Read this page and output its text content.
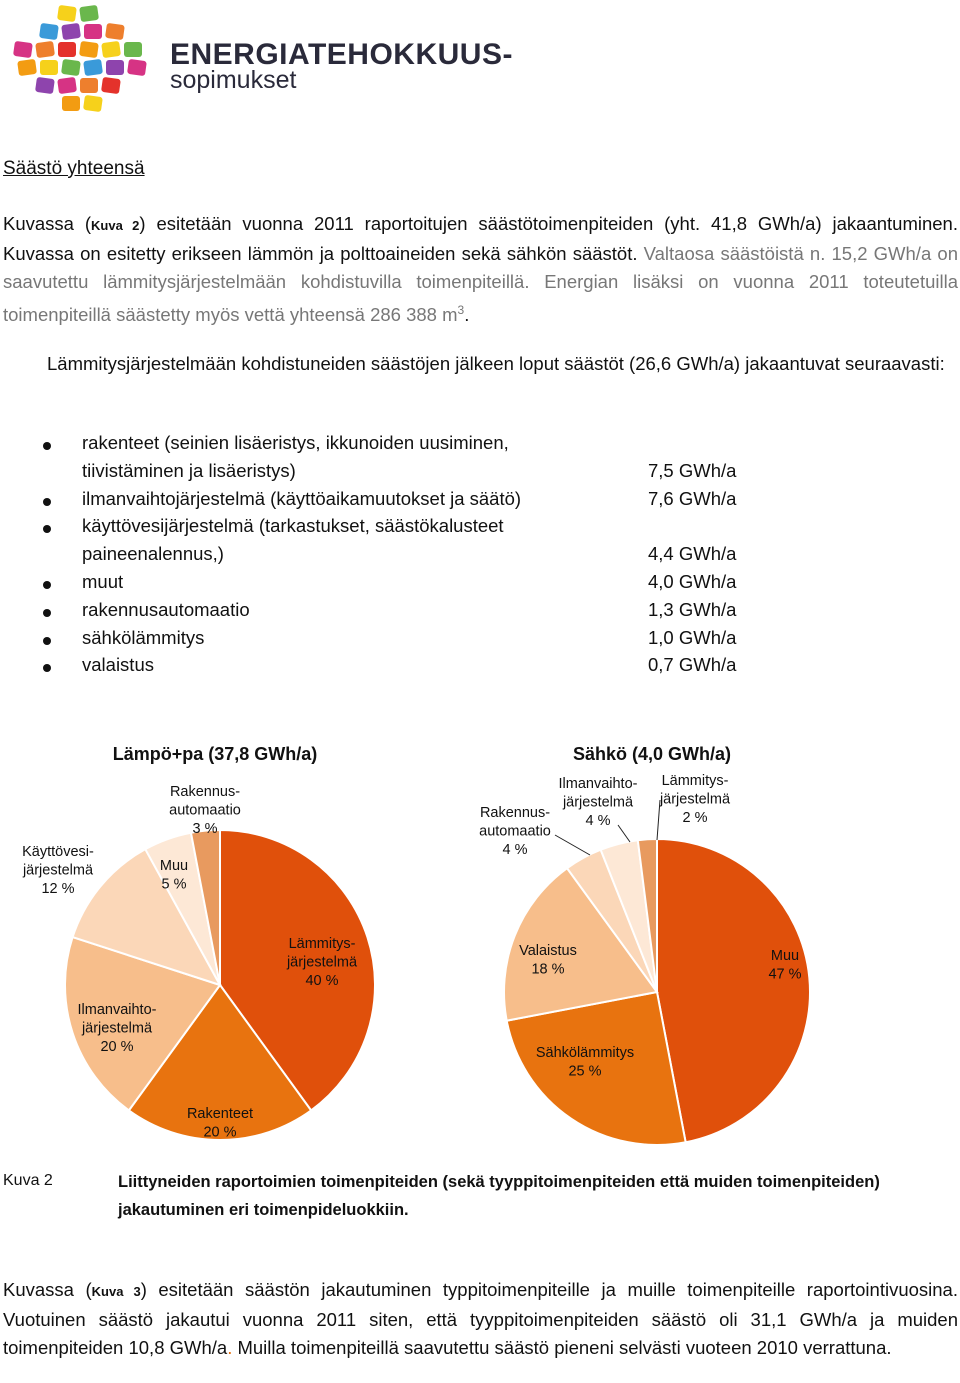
ENERGIATEHOKKUUS-
sopimukset
Säästö yhteensä
Kuvassa (Kuva 2) esitetään vuonna 2011 raportoitujen säästötoimenpiteiden (yht. 41,8 GWh/a) jakaantuminen. Kuvassa on esitetty erikseen lämmön ja polttoaineiden sekä sähkön säästöt. Valtaosa säästöistä n. 15,2 GWh/a on saavutettu lämmitysjärjestelmään kohdistuvilla toimenpiteillä. Energian lisäksi on vuonna 2011 toteutetuilla toimenpiteillä säästetty myös vettä yhteensä 286 388 $m^3$.
Lämmitysjärjestelmään kohdistuneiden säästöjen jälkeen loput säästöt (26,6 GWh/a) jakaantuvat seuraavasti:
rakenteet (seinien lisäeristys, ikkunoiden uusiminen,
tiivistäminen ja lisäeristys)	7,5 GWh/a
ilmanvaihtojärjestelmä (käyttöaikamuutokset ja säätö)	7,6 GWh/a
käyttövesijärjestelmä (tarkastukset, säästökalusteet
paineenalennus,)	4,4 GWh/a
muut	4,0 GWh/a
rakennusautomaatio	1,3 GWh/a
sähkölämmitys	1,0 GWh/a
valaistus	0,7 GWh/a
Lämpö+pa (37,8 GWh/a)
Lämmitys-järjestelmä 40 %
Rakenteet 20 %
Ilmanvaihto-järjestelmä 20 %
Käyttövesi-järjestelmä 12 %
Muu 5 %
Rakennus-automaatio 3 %
Sähkö (4,0 GWh/a)
Muu 47 %
Sähkölämmitys 25 %
Valaistus 18 %
Rakennus-automaatio 4 %
Ilmanvaihto-järjestelmä 4 %
Lämmitys-järjestelmä 2 %
Kuva 2	Liittyneiden raportoimien toimenpiteiden (sekä tyyppitoimenpiteiden että muiden toimenpiteiden) jakautuminen eri toimenpideluokkiin.
Kuvassa (Kuva 3) esitetään säästön jakautuminen typpitoimenpiteille ja muille toimenpiteille raportointivuosina. Vuotuinen säästö jakautui vuonna 2011 siten, että tyyppitoimenpiteiden säästö oli 31,1 GWh/a ja muiden toimenpiteiden 10,8 GWh/a. Muilla toimenpiteillä saavutettu säästö pieneni selvästi vuoteen 2010 verrattuna.
